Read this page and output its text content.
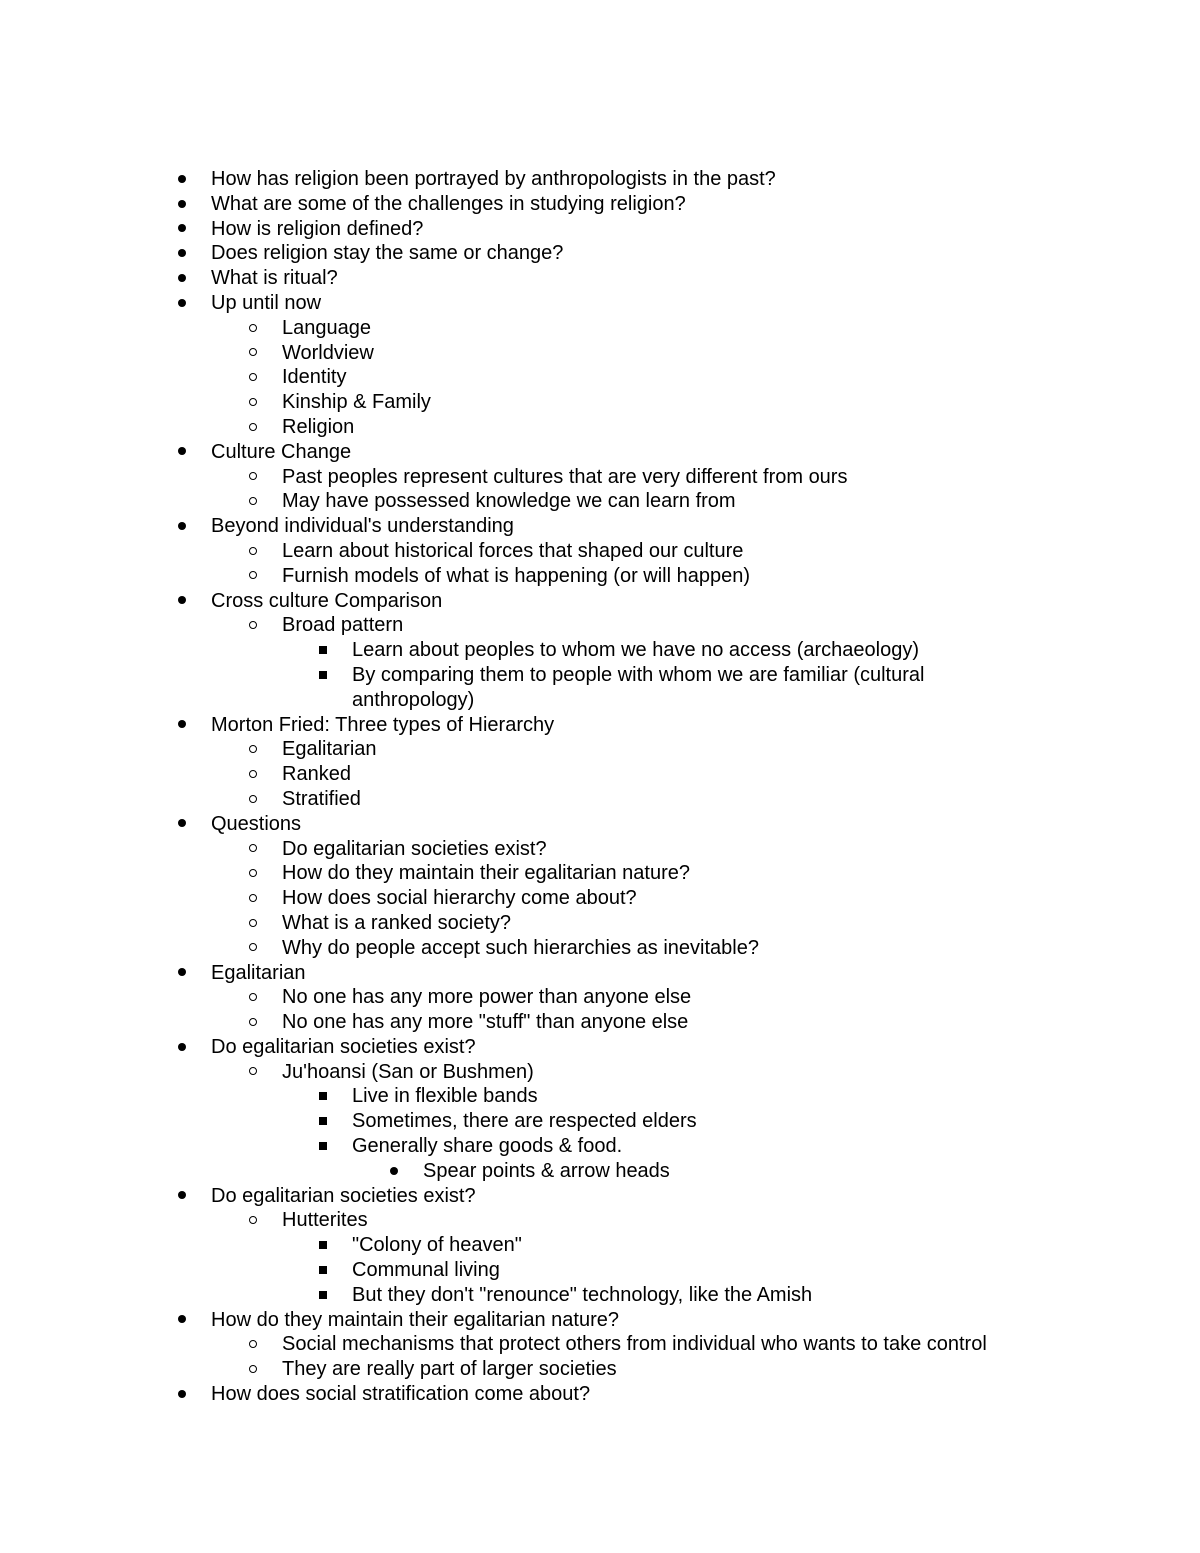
How has religion been portrayed by anthropologists in the past?
What are some of the challenges in studying religion?
How is religion defined?
Does religion stay the same or change?
What is ritual?
Up until now
Language
Worldview
Identity
Kinship & Family
Religion
Culture Change
Past peoples represent cultures that are very different from ours
May have possessed knowledge we can learn from
Beyond individual's understanding
Learn about historical forces that shaped our culture
Furnish models of what is happening (or will happen)
Cross culture Comparison
Broad pattern
Learn about peoples to whom we have no access (archaeology)
By comparing them to people with whom we are familiar (cultural
anthropology)
Morton Fried: Three types of Hierarchy
Egalitarian
Ranked
Stratified
Questions
Do egalitarian societies exist?
How do they maintain their egalitarian nature?
How does social hierarchy come about?
What is a ranked society?
Why do people accept such hierarchies as inevitable?
Egalitarian
No one has any more power than anyone else
No one has any more "stuff" than anyone else
Do egalitarian societies exist?
Ju'hoansi (San or Bushmen)
Live in flexible bands
Sometimes, there are respected elders
Generally share goods & food.
Spear points & arrow heads
Do egalitarian societies exist?
Hutterites
"Colony of heaven"
Communal living
But they don't "renounce" technology, like the Amish
How do they maintain their egalitarian nature?
Social mechanisms that protect others from individual who wants to take control
They are really part of larger societies
How does social stratification come about?
